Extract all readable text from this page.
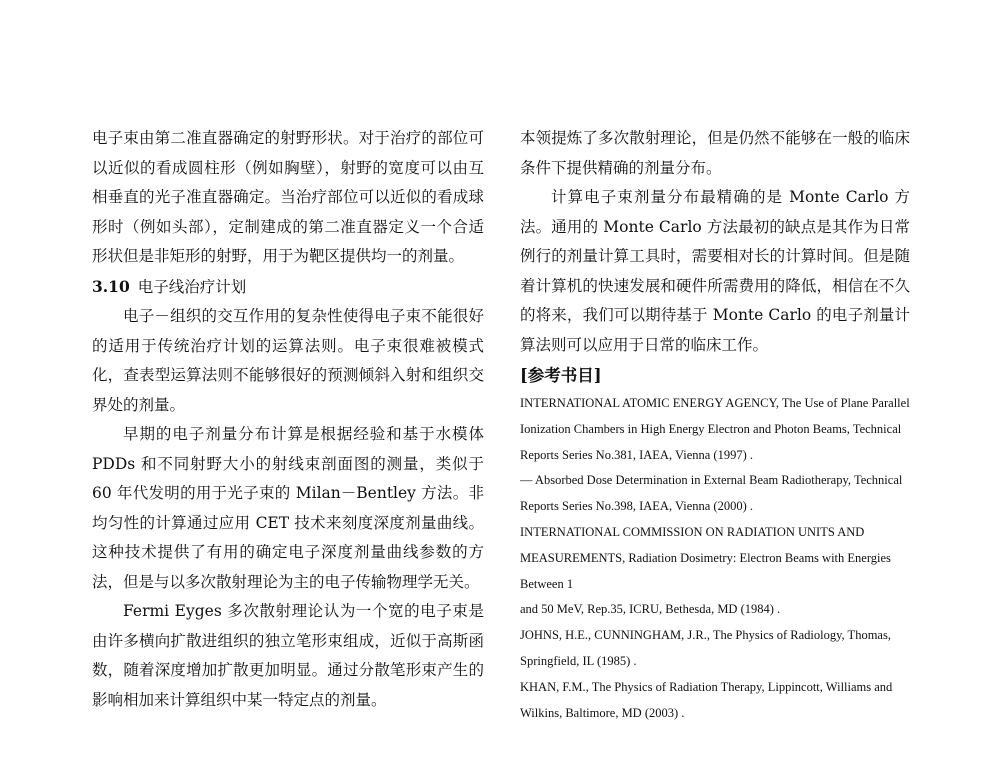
电子束由第二准直器确定的射野形状。对于治疗的部位可以近似的看成圆柱形（例如胸壁），射野的宽度可以由互相垂直的光子准直器确定。当治疗部位可以近似的看成球形时（例如头部），定制建成的第二准直器定义一个合适形状但是非矩形的射野，用于为靶区提供均一的剂量。

3.10 电子线治疗计划

电子－组织的交互作用的复杂性使得电子束不能很好的适用于传统治疗计划的运算法则。电子束很难被模式化，查表型运算法则不能够很好的预测倾斜入射和组织交界处的剂量。

早期的电子剂量分布计算是根据经验和基于水模体 PDDs 和不同射野大小的射线束剖面图的测量，类似于 60 年代发明的用于光子束的 Milan－Bentley 方法。非均匀性的计算通过应用 CET 技术来刻度深度剂量曲线。这种技术提供了有用的确定电子深度剂量曲线参数的方法，但是与以多次散射理论为主的电子传输物理学无关。

Fermi Eyges 多次散射理论认为一个宽的电子束是由许多横向扩散进组织的独立笔形束组成，近似于高斯函数，随着深度增加扩散更加明显。通过分散笔形束产生的影响相加来计算组织中某一特定点的剂量。

本领提炼了多次散射理论，但是仍然不能够在一般的临床条件下提供精确的剂量分布。

计算电子束剂量分布最精确的是 Monte Carlo 方法。通用的 Monte Carlo 方法最初的缺点是其作为日常例行的剂量计算工具时，需要相对长的计算时间。但是随着计算机的快速发展和硬件所需费用的降低，相信在不久的将来，我们可以期待基于 Monte Carlo 的电子剂量计算法则可以应用于日常的临床工作。

[参考书目]

INTERNATIONAL ATOMIC ENERGY AGENCY, The Use of Plane Parallel

Ionization Chambers in High Energy Electron and Photon Beams, Technical Reports Series No.381, IAEA, Vienna (1997) .

— Absorbed Dose Determination in External Beam Radiotherapy, Technical Reports Series No.398, IAEA, Vienna (2000) .

INTERNATIONAL COMMISSION ON RADIATION UNITS AND MEASUREMENTS, Radiation Dosimetry: Electron Beams with Energies Between 1

and 50 MeV, Rep.35, ICRU, Bethesda, MD (1984) .

JOHNS, H.E., CUNNINGHAM, J.R., The Physics of Radiology, Thomas, Springfield, IL (1985) .

KHAN, F.M., The Physics of Radiation Therapy, Lippincott, Williams and Wilkins, Baltimore, MD (2003) .
